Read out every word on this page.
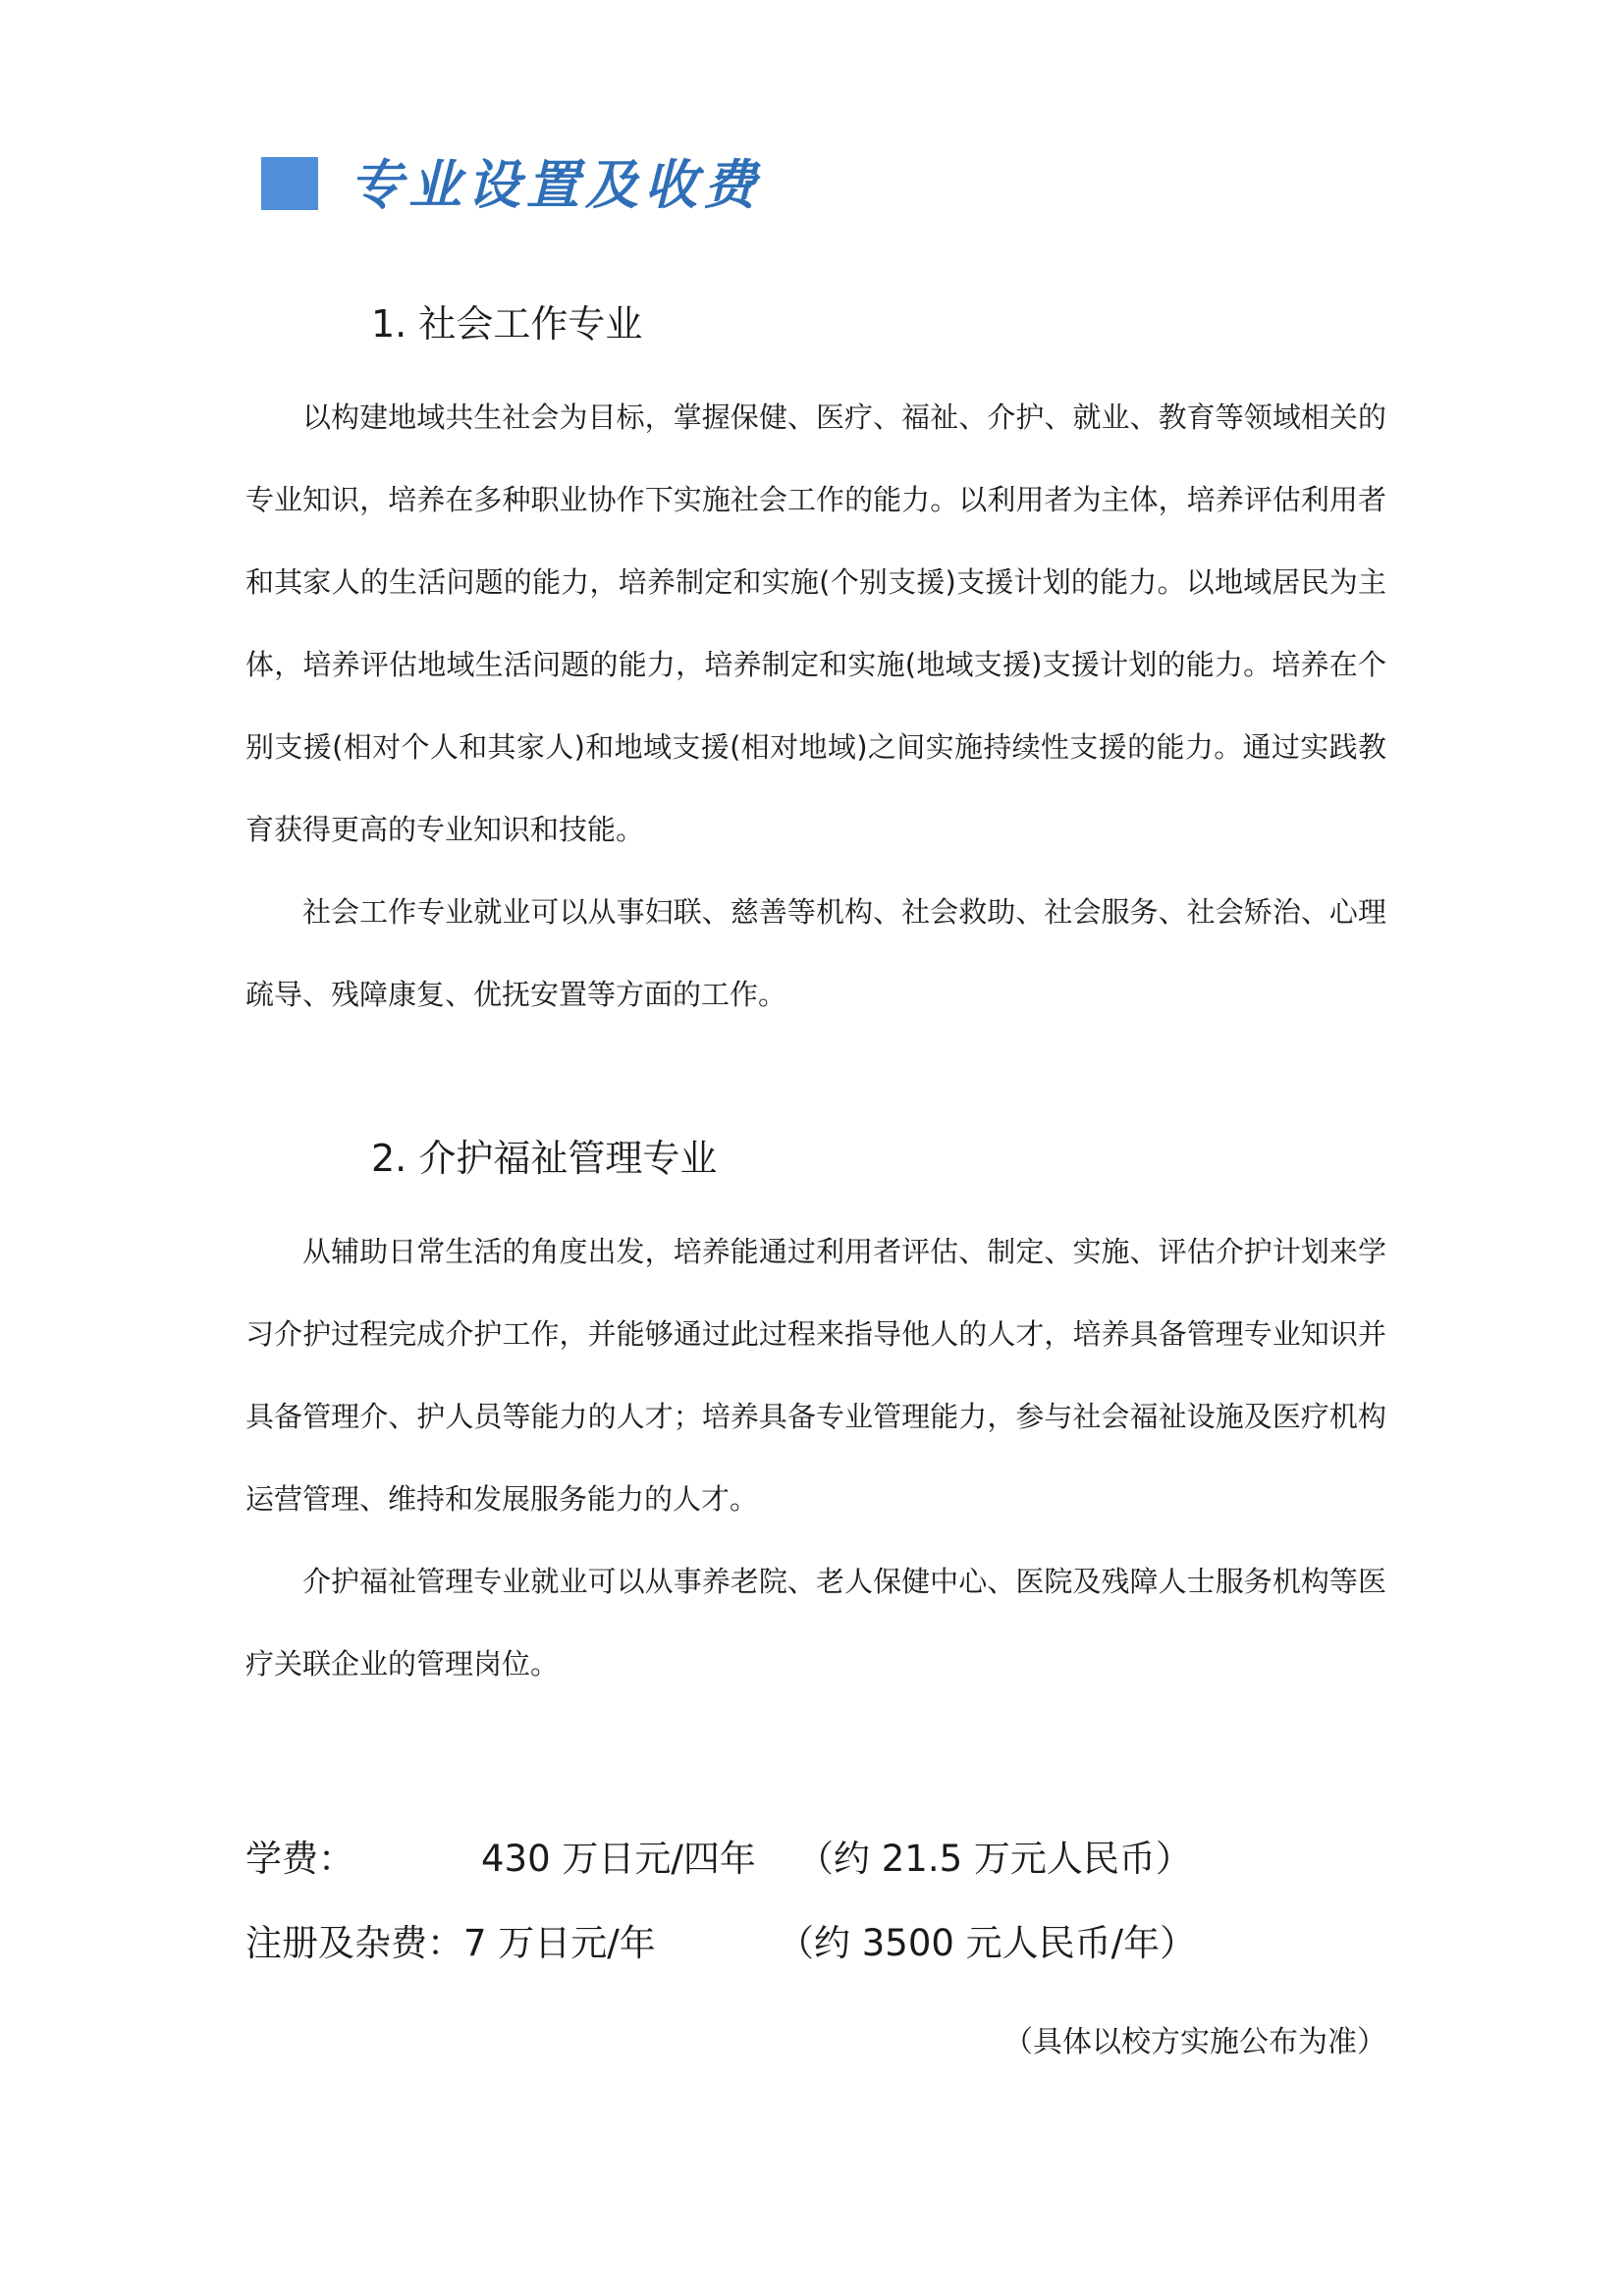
专业设置及收费
1. 社会工作专业

以构建地域共生社会为目标，掌握保健、医疗、福祉、介护、就业、教育等领域相关的专业知识，培养在多种职业协作下实施社会工作的能力。以利用者为主体，培养评估利用者和其家人的生活问题的能力，培养制定和实施(个别支援)支援计划的能力。以地域居民为主体，培养评估地域生活问题的能力，培养制定和实施(地域支援)支援计划的能力。培养在个别支援(相对个人和其家人)和地域支援(相对地域)之间实施持续性支援的能力。通过实践教育获得更高的专业知识和技能。

社会工作专业就业可以从事妇联、慈善等机构、社会救助、社会服务、社会矫治、心理疏导、残障康复、优抚安置等方面的工作。

2. 介护福祉管理专业

从辅助日常生活的角度出发，培养能通过利用者评估、制定、实施、评估介护计划来学习介护过程完成介护工作，并能够通过此过程来指导他人的人才，培养具备管理专业知识并具备管理介、护人员等能力的人才；培养具备专业管理能力，参与社会福祉设施及医疗机构运营管理、维持和发展服务能力的人才。

介护福祉管理专业就业可以从事养老院、老人保健中心、医院及残障人士服务机构等医疗关联企业的管理岗位。

学费：	430 万日元/四年 （约 21.5 万元人民币）
注册及杂费：7 万日元/年	（约 3500 元人民币/年）
（具体以校方实施公布为准）
